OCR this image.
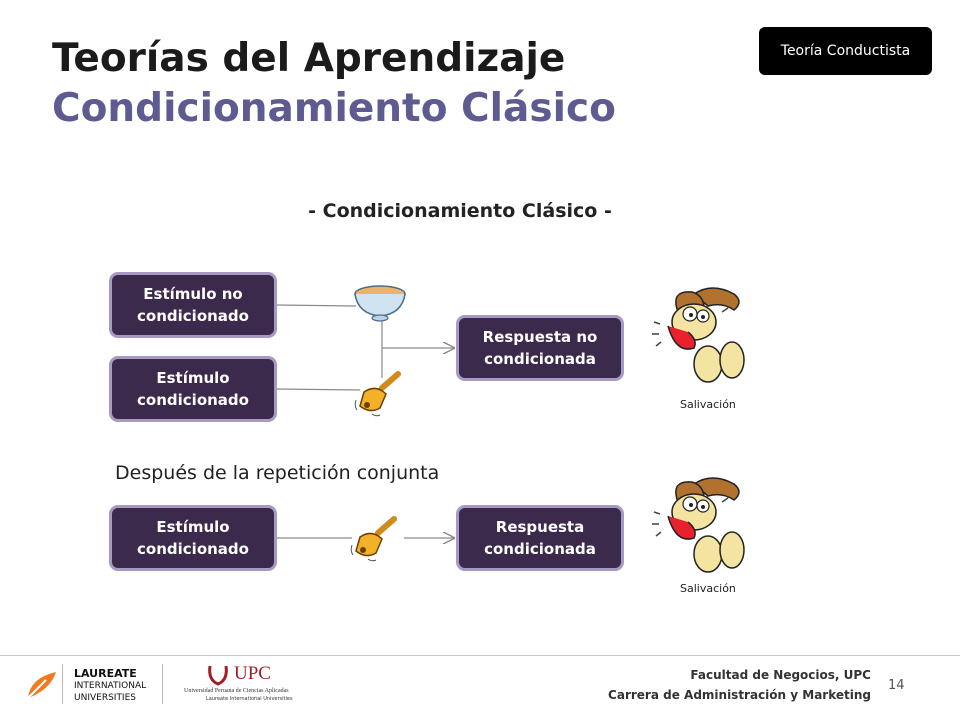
Teorías del Aprendizaje
Condicionamiento Clásico
Teoría Conductista
- Condicionamiento Clásico -
Estímulo no condicionado
Estímulo condicionado
Respuesta no condicionada
Salivación
Después de la repetición conjunta
Estímulo condicionado
Respuesta condicionada
Salivación
LAUREATE
INTERNATIONAL
UNIVERSITIES
UPC
Universidad Peruana de Ciencias Aplicadas
Laureate International Universities
Facultad de Negocios, UPC
Carrera de Administración y Marketing
14
